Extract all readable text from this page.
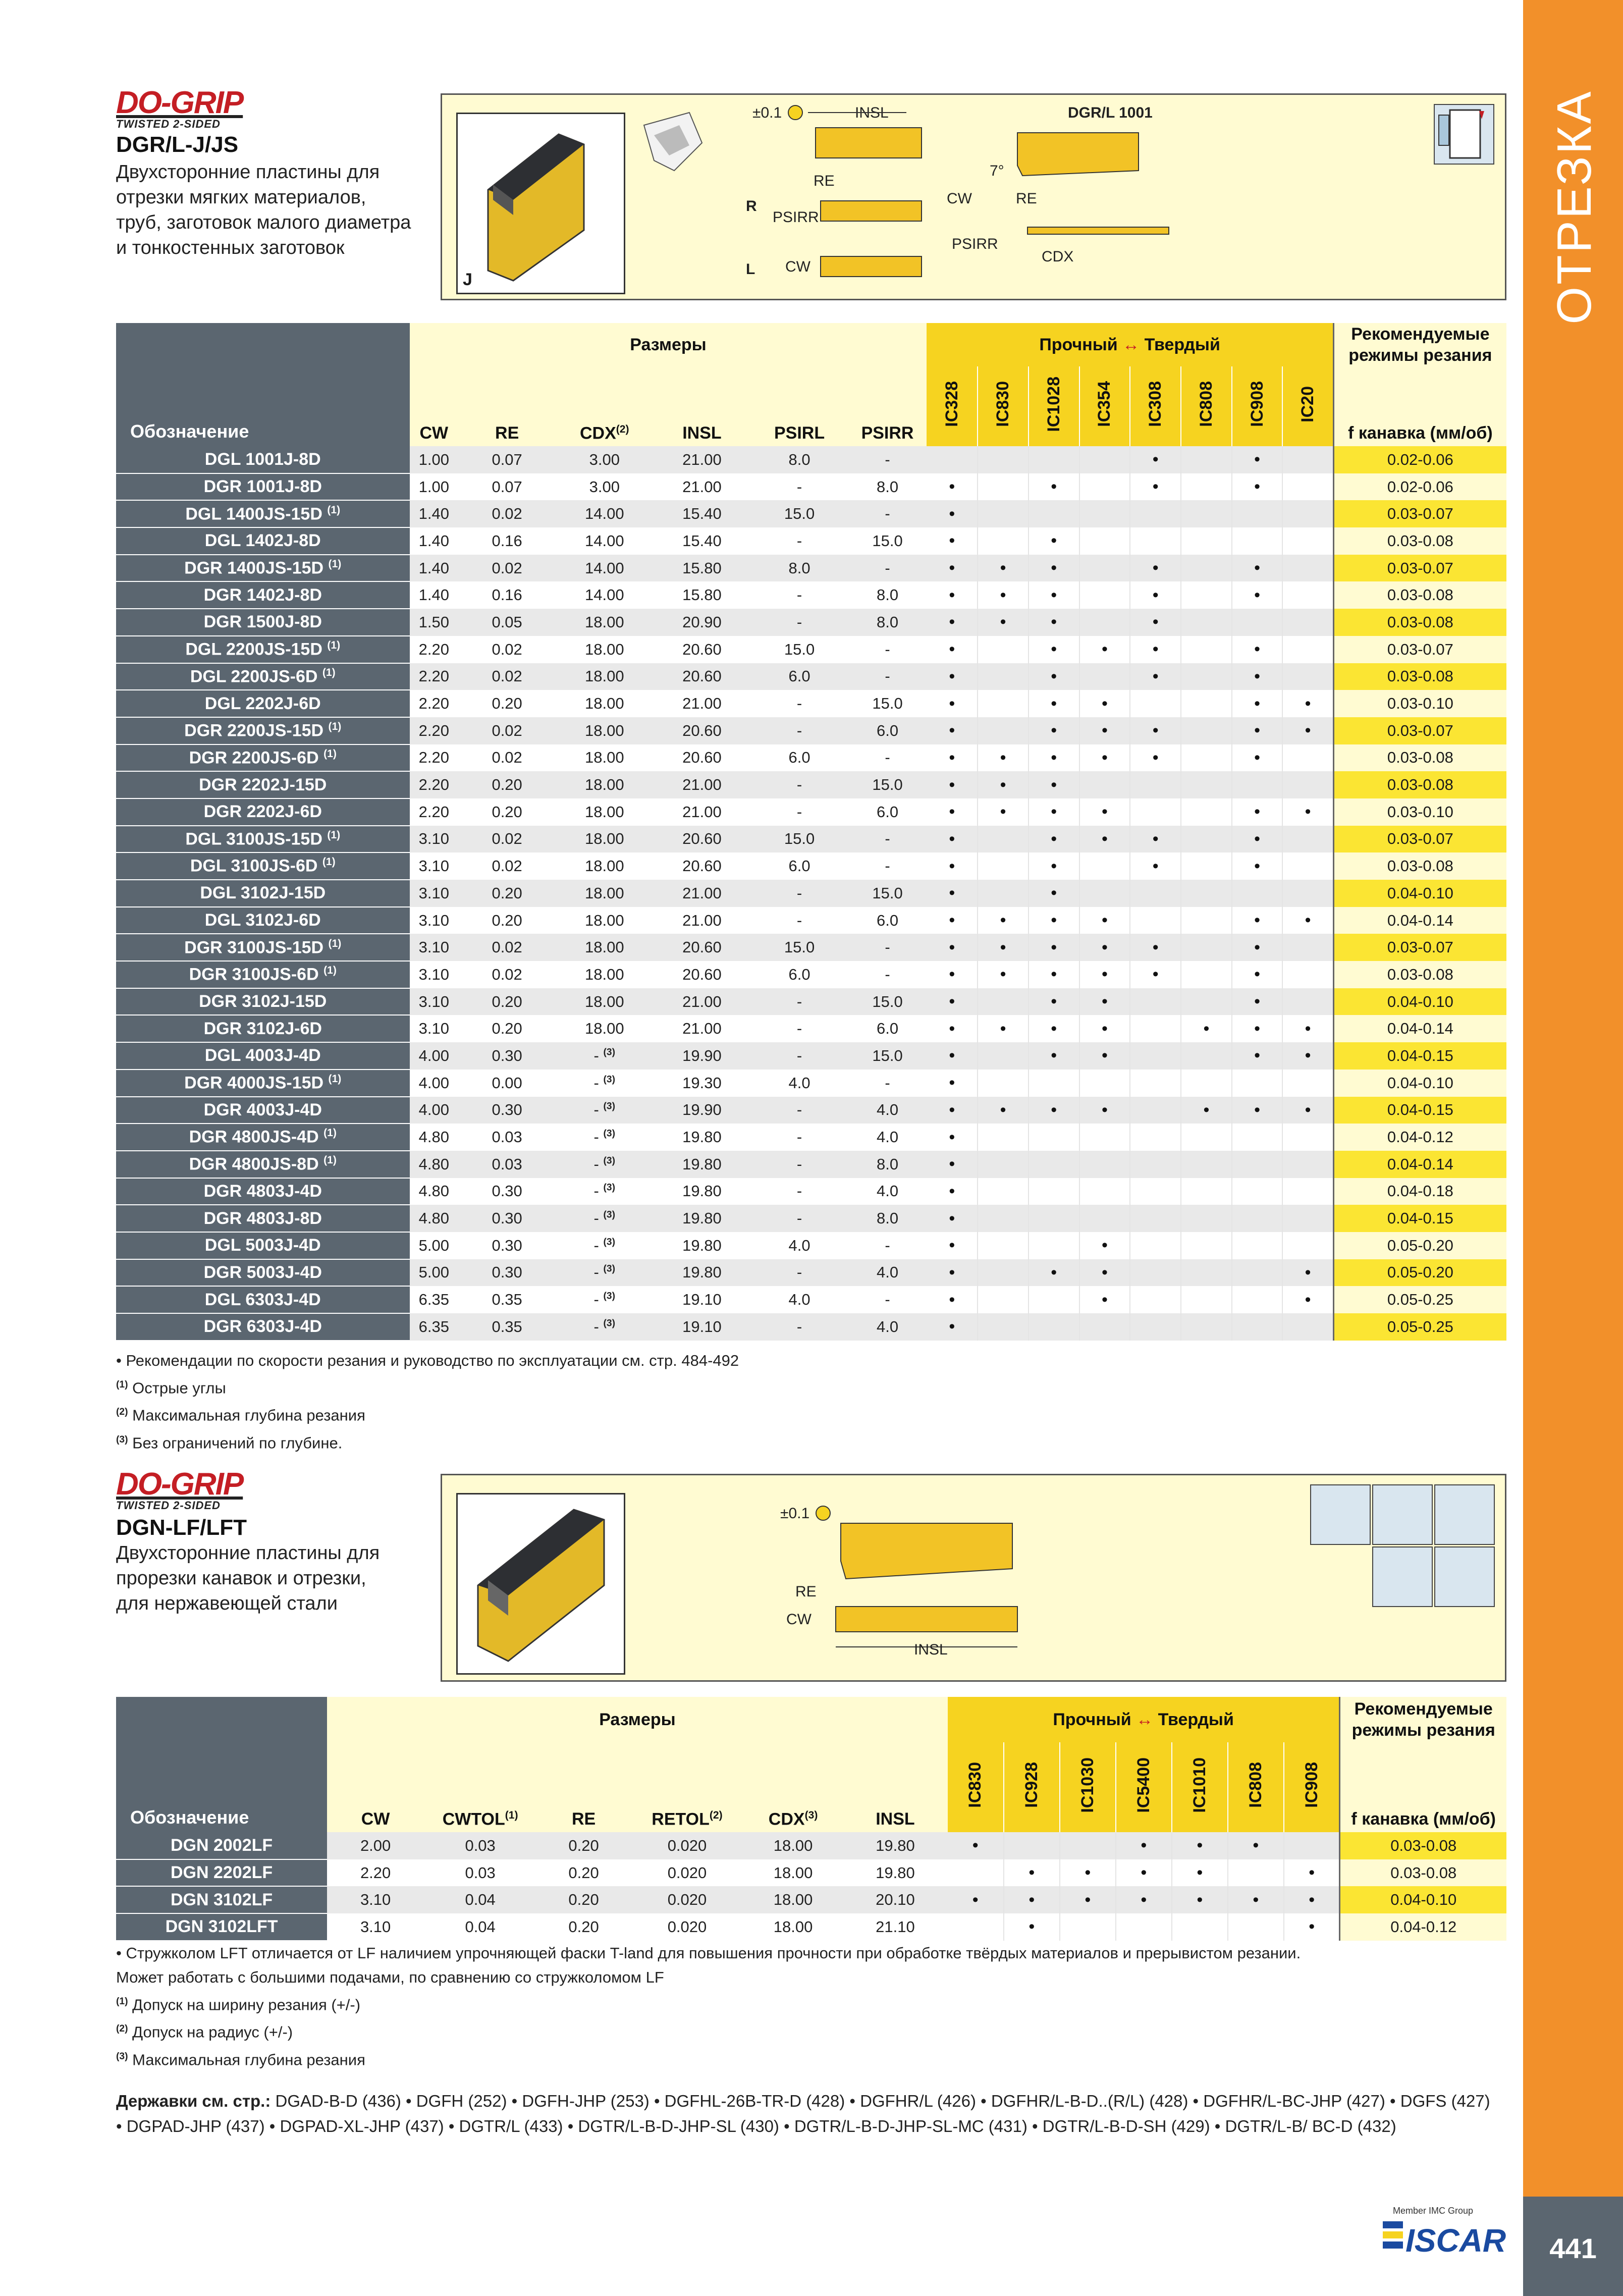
ОТРЕЗКА
441
DO-GRIP
TWISTED 2-SIDED
DGR/L-J/JS
Двухсторонние пластины для
отрезки мягких материалов,
труб, заготовок малого диаметра
и тонкостенных заготовок
J
±0.1	INSL	DGR/L 1001
7°
RE
R
PSIRR
CW	RE
PSIRR
CDX
L CW
Обозначение	Размеры						Прочный ↔ Твердый								Рекомендуемые режимы резания
	CW	RE	CDX$^{(2)}$	INSL	PSIRL	PSIRR	IC328	IC830	IC1028	IC354	IC308	IC808	IC908	IC20	f канавка (мм/об)
DGL 1001J-8D	1.00	0.07	3.00	21.00	8.0	-					•		•		0.02-0.06
DGR 1001J-8D	1.00	0.07	3.00	21.00	-	8.0	•		•		•		•		0.02-0.06
DGL 1400JS-15D $^{(1)}$	1.40	0.02	14.00	15.40	15.0	-	•								0.03-0.07
DGL 1402J-8D	1.40	0.16	14.00	15.40	-	15.0	•		•						0.03-0.08
DGR 1400JS-15D $^{(1)}$	1.40	0.02	14.00	15.80	8.0	-	•	•	•		•		•		0.03-0.07
DGR 1402J-8D	1.40	0.16	14.00	15.80	-	8.0	•	•	•		•		•		0.03-0.08
DGR 1500J-8D	1.50	0.05	18.00	20.90	-	8.0	•	•	•		•				0.03-0.08
DGL 2200JS-15D $^{(1)}$	2.20	0.02	18.00	20.60	15.0	-	•		•	•	•		•		0.03-0.07
DGL 2200JS-6D $^{(1)}$	2.20	0.02	18.00	20.60	6.0	-	•		•		•		•		0.03-0.08
DGL 2202J-6D	2.20	0.20	18.00	21.00	-	15.0	•		•	•			•	•	0.03-0.10
DGR 2200JS-15D $^{(1)}$	2.20	0.02	18.00	20.60	-	6.0	•		•	•	•		•	•	0.03-0.07
DGR 2200JS-6D $^{(1)}$	2.20	0.02	18.00	20.60	6.0	-	•	•	•	•	•		•		0.03-0.08
DGR 2202J-15D	2.20	0.20	18.00	21.00	-	15.0	•	•	•						0.03-0.08
DGR 2202J-6D	2.20	0.20	18.00	21.00	-	6.0	•	•	•	•			•	•	0.03-0.10
DGL 3100JS-15D $^{(1)}$	3.10	0.02	18.00	20.60	15.0	-	•		•	•	•		•		0.03-0.07
DGL 3100JS-6D $^{(1)}$	3.10	0.02	18.00	20.60	6.0	-	•		•		•		•		0.03-0.08
DGL 3102J-15D	3.10	0.20	18.00	21.00	-	15.0	•		•						0.04-0.10
DGL 3102J-6D	3.10	0.20	18.00	21.00	-	6.0	•	•	•	•			•	•	0.04-0.14
DGR 3100JS-15D $^{(1)}$	3.10	0.02	18.00	20.60	15.0	-	•	•	•	•	•		•		0.03-0.07
DGR 3100JS-6D $^{(1)}$	3.10	0.02	18.00	20.60	6.0	-	•	•	•	•	•		•		0.03-0.08
DGR 3102J-15D	3.10	0.20	18.00	21.00	-	15.0	•		•	•			•		0.04-0.10
DGR 3102J-6D	3.10	0.20	18.00	21.00	-	6.0	•	•	•	•		•	•	•	0.04-0.14
DGL 4003J-4D	4.00	0.30	- $^{(3)}$	19.90	-	15.0	•		•	•			•	•	0.04-0.15
DGR 4000JS-15D $^{(1)}$	4.00	0.00	- $^{(3)}$	19.30	4.0	-	•								0.04-0.10
DGR 4003J-4D	4.00	0.30	- $^{(3)}$	19.90	-	4.0	•	•	•	•		•	•	•	0.04-0.15
DGR 4800JS-4D $^{(1)}$	4.80	0.03	- $^{(3)}$	19.80	-	4.0	•								0.04-0.12
DGR 4800JS-8D $^{(1)}$	4.80	0.03	- $^{(3)}$	19.80	-	8.0	•								0.04-0.14
DGR 4803J-4D	4.80	0.30	- $^{(3)}$	19.80	-	4.0	•								0.04-0.18
DGR 4803J-8D	4.80	0.30	- $^{(3)}$	19.80	-	8.0	•								0.04-0.15
DGL 5003J-4D	5.00	0.30	- $^{(3)}$	19.80	4.0	-	•			•					0.05-0.20
DGR 5003J-4D	5.00	0.30	- $^{(3)}$	19.80	-	4.0	•		•	•				•	0.05-0.20
DGL 6303J-4D	6.35	0.35	- $^{(3)}$	19.10	4.0	-	•			•				•	0.05-0.25
DGR 6303J-4D	6.35	0.35	- $^{(3)}$	19.10	-	4.0	•								0.05-0.25
• Рекомендации по скорости резания и руководство по эксплуатации см. стр. 484-492
$^{(1)}$ Острые углы
$^{(2)}$ Максимальная глубина резания
$^{(3)}$ Без ограничений по глубине.
DO-GRIP
TWISTED 2-SIDED
DGN-LF/LFT
Двухсторонние пластины для
прорезки канавок и отрезки,
для нержавеющей стали
±0.1
RE
CW
INSL
Обозначение	Размеры						Прочный ↔ Твердый							Рекомендуемые режимы резания
	CW	CWTOL$^{(1)}$	RE	RETOL$^{(2)}$	CDX$^{(3)}$	INSL	IC830	IC928	IC1030	IC5400	IC1010	IC808	IC908	f канавка (мм/об)
DGN 2002LF	2.00	0.03	0.20	0.020	18.00	19.80	•			•	•	•		0.03-0.08
DGN 2202LF	2.20	0.03	0.20	0.020	18.00	19.80		•	•	•	•		•	0.03-0.08
DGN 3102LF	3.10	0.04	0.20	0.020	18.00	20.10	•	•	•	•	•	•	•	0.04-0.10
DGN 3102LFT	3.10	0.04	0.20	0.020	18.00	21.10		•					•	0.04-0.12
• Стружколом LFT отличается от LF наличием упрочняющей фаски T-land для повышения прочности при обработке твёрдых материалов и прерывистом резании.
Может работать с большими подачами, по сравнению со стружколомом LF
$^{(1)}$ Допуск на ширину резания (+/-)
$^{(2)}$ Допуск на радиус (+/-)
$^{(3)}$ Максимальная глубина резания
Державки см. стр.: DGAD-B-D (436) • DGFH (252) • DGFH-JHP (253) • DGFHL-26B-TR-D (428) • DGFHR/L (426) • DGFHR/L-B-D..(R/L) (428) • DGFHR/L-BC-JHP (427) • DGFS (427) • DGPAD-JHP (437) • DGPAD-XL-JHP (437) • DGTR/L (433) • DGTR/L-B-D-JHP-SL (430) • DGTR/L-B-D-JHP-SL-MC (431) • DGTR/L-B-D-SH (429) • DGTR/L-B/ BC-D (432)
Member IMC Group
ISCAR
